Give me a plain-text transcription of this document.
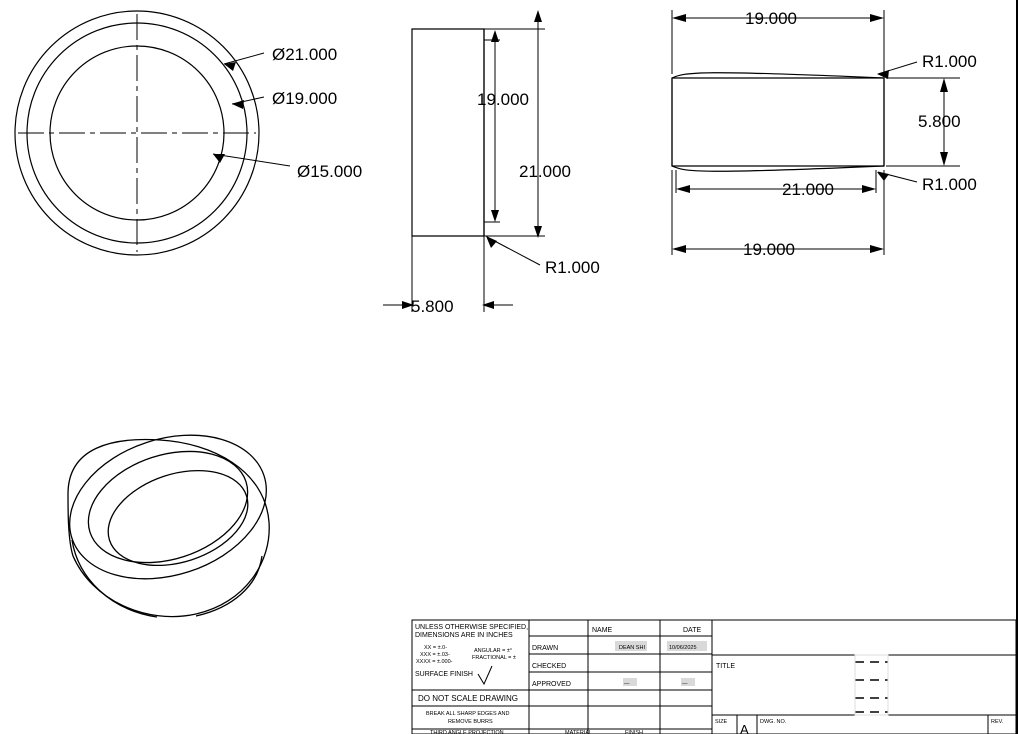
Ø21.000
Ø19.000
Ø15.000
19.000
21.000
5.800
R1.000
19.000
R1.000
5.800
R1.000
21.000
19.000
UNLESS OTHERWISE SPECIFIED,
DIMENSIONS ARE IN INCHES
XX = ±.0-
XXX = ±.03-
XXXX = ±.000-
ANGULAR = ±°
FRACTIONAL = ±
SURFACE FINISH
DO NOT SCALE DRAWING
BREAK ALL SHARP EDGES AND
REMOVE BURRS
THIRD ANGLE PROJECTION
NAME	DATE
DRAWN	DEAN SHI	10/06/2025
CHECKED
APPROVED	—	—
TITLE
SIZE A DWG. NO.	REV.
MATERIAL	FINISH
